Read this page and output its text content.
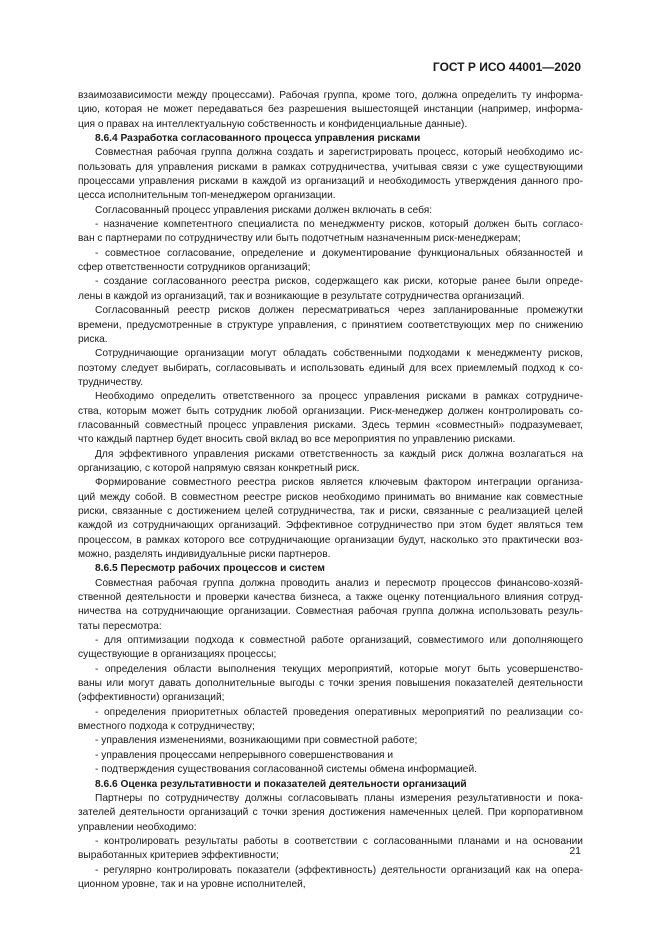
ГОСТ Р ИСО 44001—2020
взаимозависимости между процессами). Рабочая группа, кроме того, должна определить ту информа-
цию, которая не может передаваться без разрешения вышестоящей инстанции (например, информа-
ция о правах на интеллектуальную собственность и конфиденциальные данные).
8.6.4 Разработка согласованного процесса управления рисками
Совместная рабочая группа должна создать и зарегистрировать процесс, который необходимо ис-
пользовать для управления рисками в рамках сотрудничества, учитывая связи с уже существующими
процессами управления рисками в каждой из организаций и необходимость утверждения данного про-
цесса исполнительным топ-менеджером организации.
Согласованный процесс управления рисками должен включать в себя:
- назначение компетентного специалиста по менеджменту рисков, который должен быть согласо-
ван с партнерами по сотрудничеству или быть подотчетным назначенным риск-менеджерам;
- совместное согласование, определение и документирование функциональных обязанностей и
сфер ответственности сотрудников организаций;
- создание согласованного реестра рисков, содержащего как риски, которые ранее были опреде-
лены в каждой из организаций, так и возникающие в результате сотрудничества организаций.
Согласованный реестр рисков должен пересматриваться через запланированные промежутки
времени, предусмотренные в структуре управления, с принятием соответствующих мер по снижению
риска.
Сотрудничающие организации могут обладать собственными подходами к менеджменту рисков,
поэтому следует выбирать, согласовывать и использовать единый для всех приемлемый подход к со-
трудничеству.
Необходимо определить ответственного за процесс управления рисками в рамках сотрудниче-
ства, которым может быть сотрудник любой организации. Риск-менеджер должен контролировать со-
гласованный совместный процесс управления рисками. Здесь термин «совместный» подразумевает,
что каждый партнер будет вносить свой вклад во все мероприятия по управлению рисками.
Для эффективного управления рисками ответственность за каждый риск должна возлагаться на
организацию, с которой напрямую связан конкретный риск.
Формирование совместного реестра рисков является ключевым фактором интеграции организа-
ций между собой. В совместном реестре рисков необходимо принимать во внимание как совместные
риски, связанные с достижением целей сотрудничества, так и риски, связанные с реализацией целей
каждой из сотрудничающих организаций. Эффективное сотрудничество при этом будет являться тем
процессом, в рамках которого все сотрудничающие организации будут, насколько это практически воз-
можно, разделять индивидуальные риски партнеров.
8.6.5 Пересмотр рабочих процессов и систем
Совместная рабочая группа должна проводить анализ и пересмотр процессов финансово-хозяй-
ственной деятельности и проверки качества бизнеса, а также оценку потенциального влияния сотруд-
ничества на сотрудничающие организации. Совместная рабочая группа должна использовать резуль-
таты пересмотра:
- для оптимизации подхода к совместной работе организаций, совместимого или дополняющего
существующие в организациях процессы;
- определения области выполнения текущих мероприятий, которые могут быть усовершенство-
ваны или могут давать дополнительные выгоды с точки зрения повышения показателей деятельности
(эффективности) организаций;
- определения приоритетных областей проведения оперативных мероприятий по реализации со-
вместного подхода к сотрудничеству;
- управления изменениями, возникающими при совместной работе;
- управления процессами непрерывного совершенствования и
- подтверждения существования согласованной системы обмена информацией.
8.6.6 Оценка результативности и показателей деятельности организаций
Партнеры по сотрудничеству должны согласовывать планы измерения результативности и пока-
зателей деятельности организаций с точки зрения достижения намеченных целей. При корпоративном
управлении необходимо:
- контролировать результаты работы в соответствии с согласованными планами и на основании
выработанных критериев эффективности;
- регулярно контролировать показатели (эффективность) деятельности организаций как на опера-
ционном уровне, так и на уровне исполнителей,
21
